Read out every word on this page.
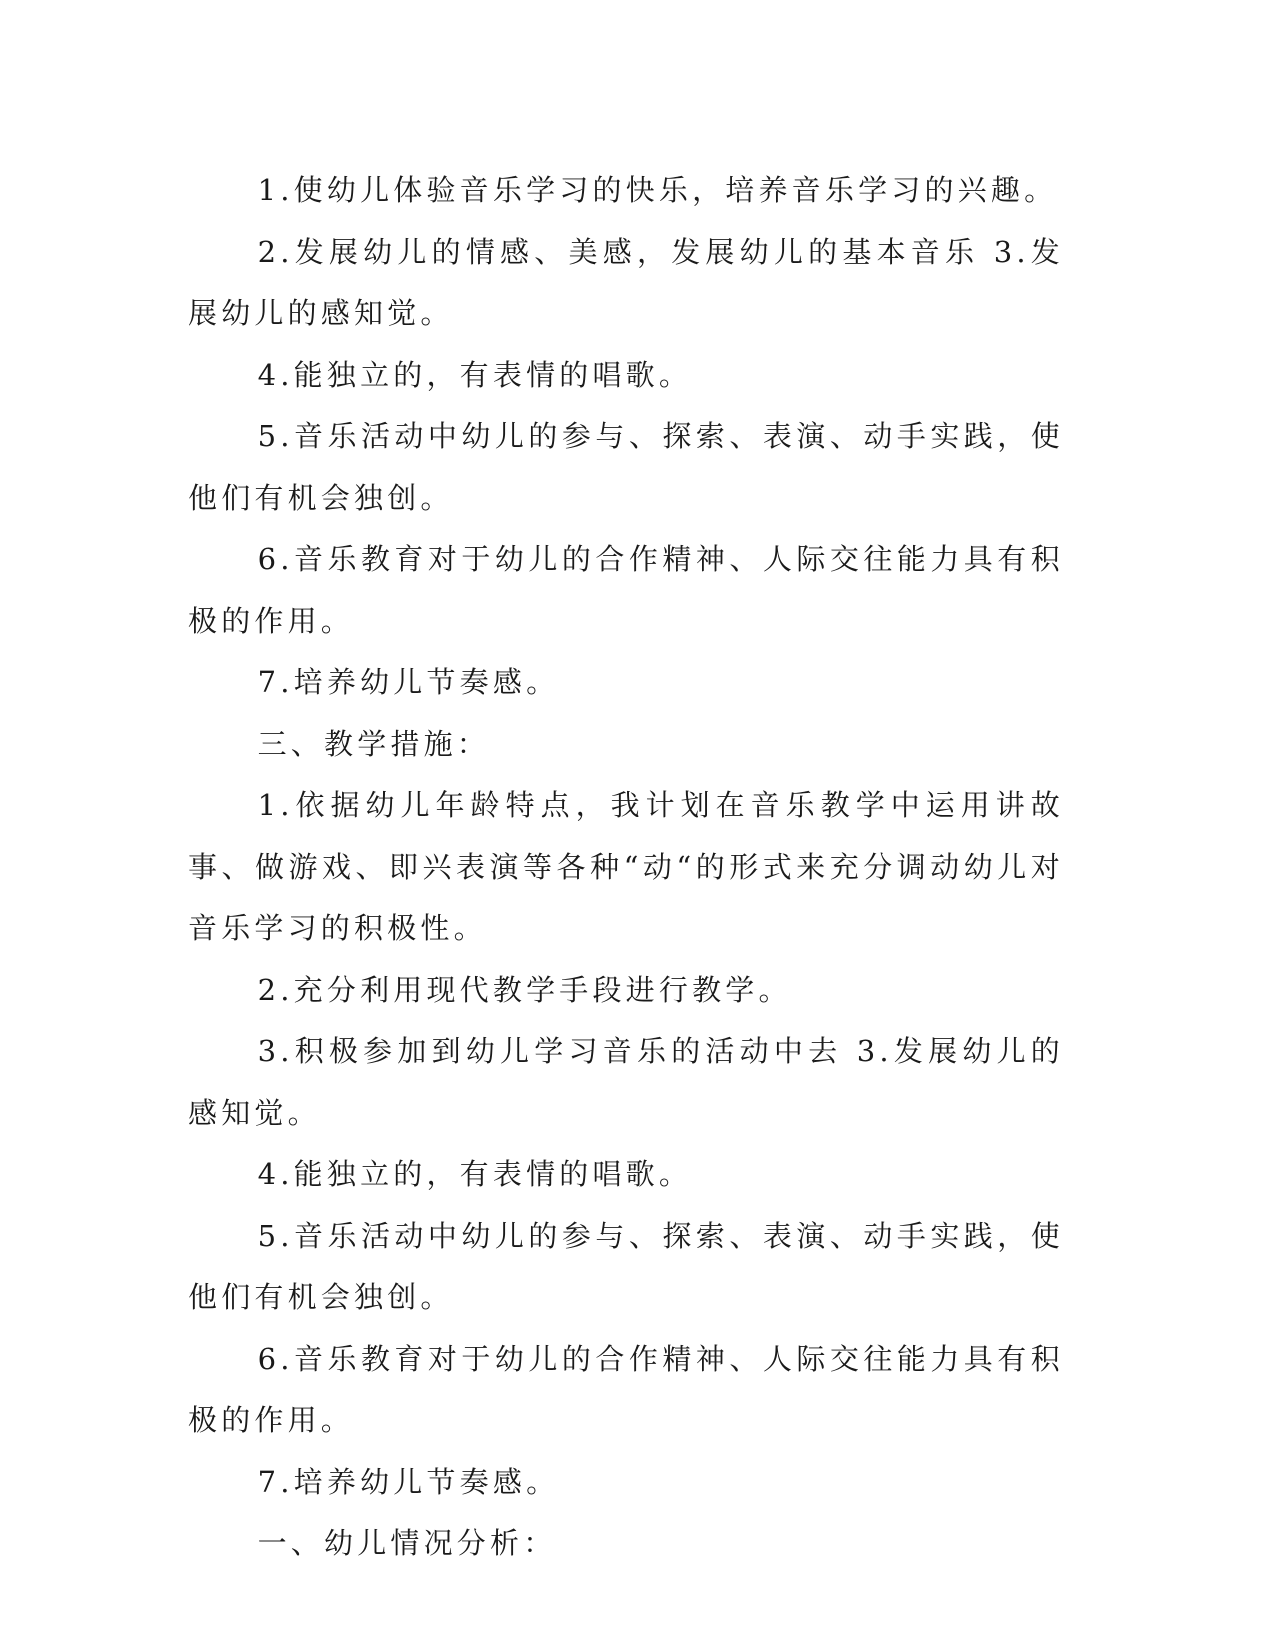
1.使幼儿体验音乐学习的快乐，培养音乐学习的兴趣。

2.发展幼儿的情感、美感，发展幼儿的基本音乐 3.发展幼儿的感知觉。

4.能独立的，有表情的唱歌。

5.音乐活动中幼儿的参与、探索、表演、动手实践，使他们有机会独创。

6.音乐教育对于幼儿的合作精神、人际交往能力具有积极的作用。

7.培养幼儿节奏感。

三、教学措施：

1.依据幼儿年龄特点，我计划在音乐教学中运用讲故事、做游戏、即兴表演等各种“动“的形式来充分调动幼儿对音乐学习的积极性。

2.充分利用现代教学手段进行教学。

3.积极参加到幼儿学习音乐的活动中去 3.发展幼儿的感知觉。

4.能独立的，有表情的唱歌。

5.音乐活动中幼儿的参与、探索、表演、动手实践，使他们有机会独创。

6.音乐教育对于幼儿的合作精神、人际交往能力具有积极的作用。

7.培养幼儿节奏感。

一、幼儿情况分析：
